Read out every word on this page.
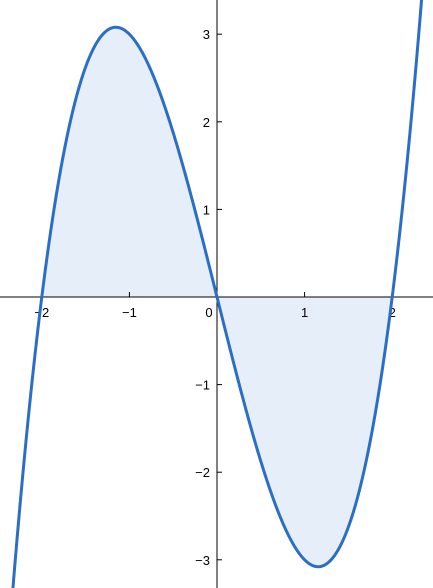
−2	−1	0	1	2
−3
−2
−1
1
2
3
